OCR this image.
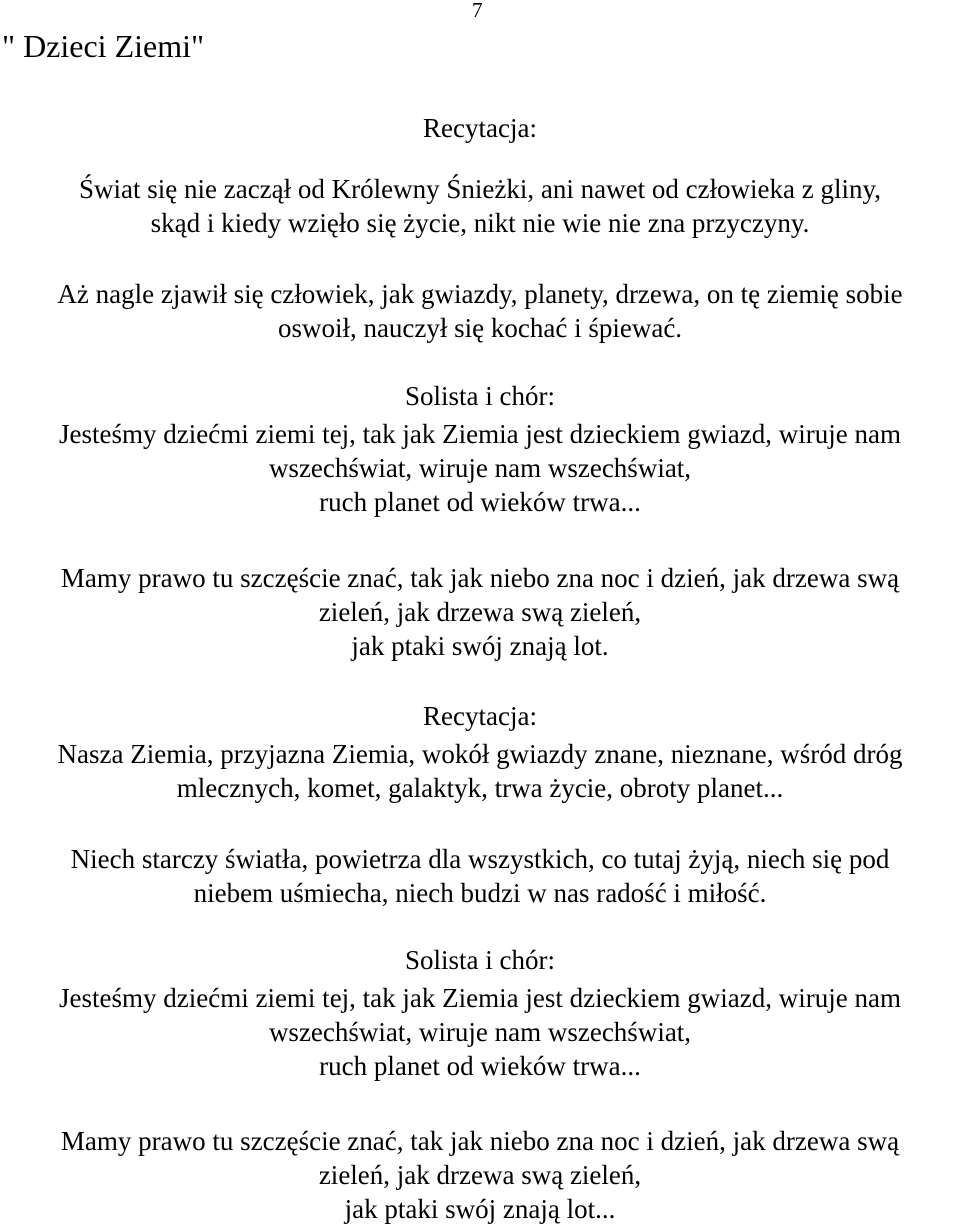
7
" Dzieci Ziemi"
Recytacja:
Świat się nie zaczął od Królewny Śnieżki, ani nawet od człowieka z gliny,
skąd i kiedy wzięło się życie, nikt nie wie nie zna przyczyny.
Aż nagle zjawił się człowiek, jak gwiazdy, planety, drzewa, on tę ziemię sobie
oswoił, nauczył się kochać i śpiewać.
Solista i chór:
Jesteśmy dziećmi ziemi tej, tak jak Ziemia jest dzieckiem gwiazd, wiruje nam
wszechświat, wiruje nam wszechświat,
ruch planet od wieków trwa...
Mamy prawo tu szczęście znać, tak jak niebo zna noc i dzień, jak drzewa swą
zieleń, jak drzewa swą zieleń,
jak ptaki swój znają lot.
Recytacja:
Nasza Ziemia, przyjazna Ziemia, wokół gwiazdy znane, nieznane, wśród dróg
mlecznych, komet, galaktyk, trwa życie, obroty planet...
Niech starczy światła, powietrza dla wszystkich, co tutaj żyją, niech się pod
niebem uśmiecha, niech budzi w nas radość i miłość.
Solista i chór:
Jesteśmy dziećmi ziemi tej, tak jak Ziemia jest dzieckiem gwiazd, wiruje nam
wszechświat, wiruje nam wszechświat,
ruch planet od wieków trwa...
Mamy prawo tu szczęście znać, tak jak niebo zna noc i dzień, jak drzewa swą
zieleń, jak drzewa swą zieleń,
jak ptaki swój znają lot...
